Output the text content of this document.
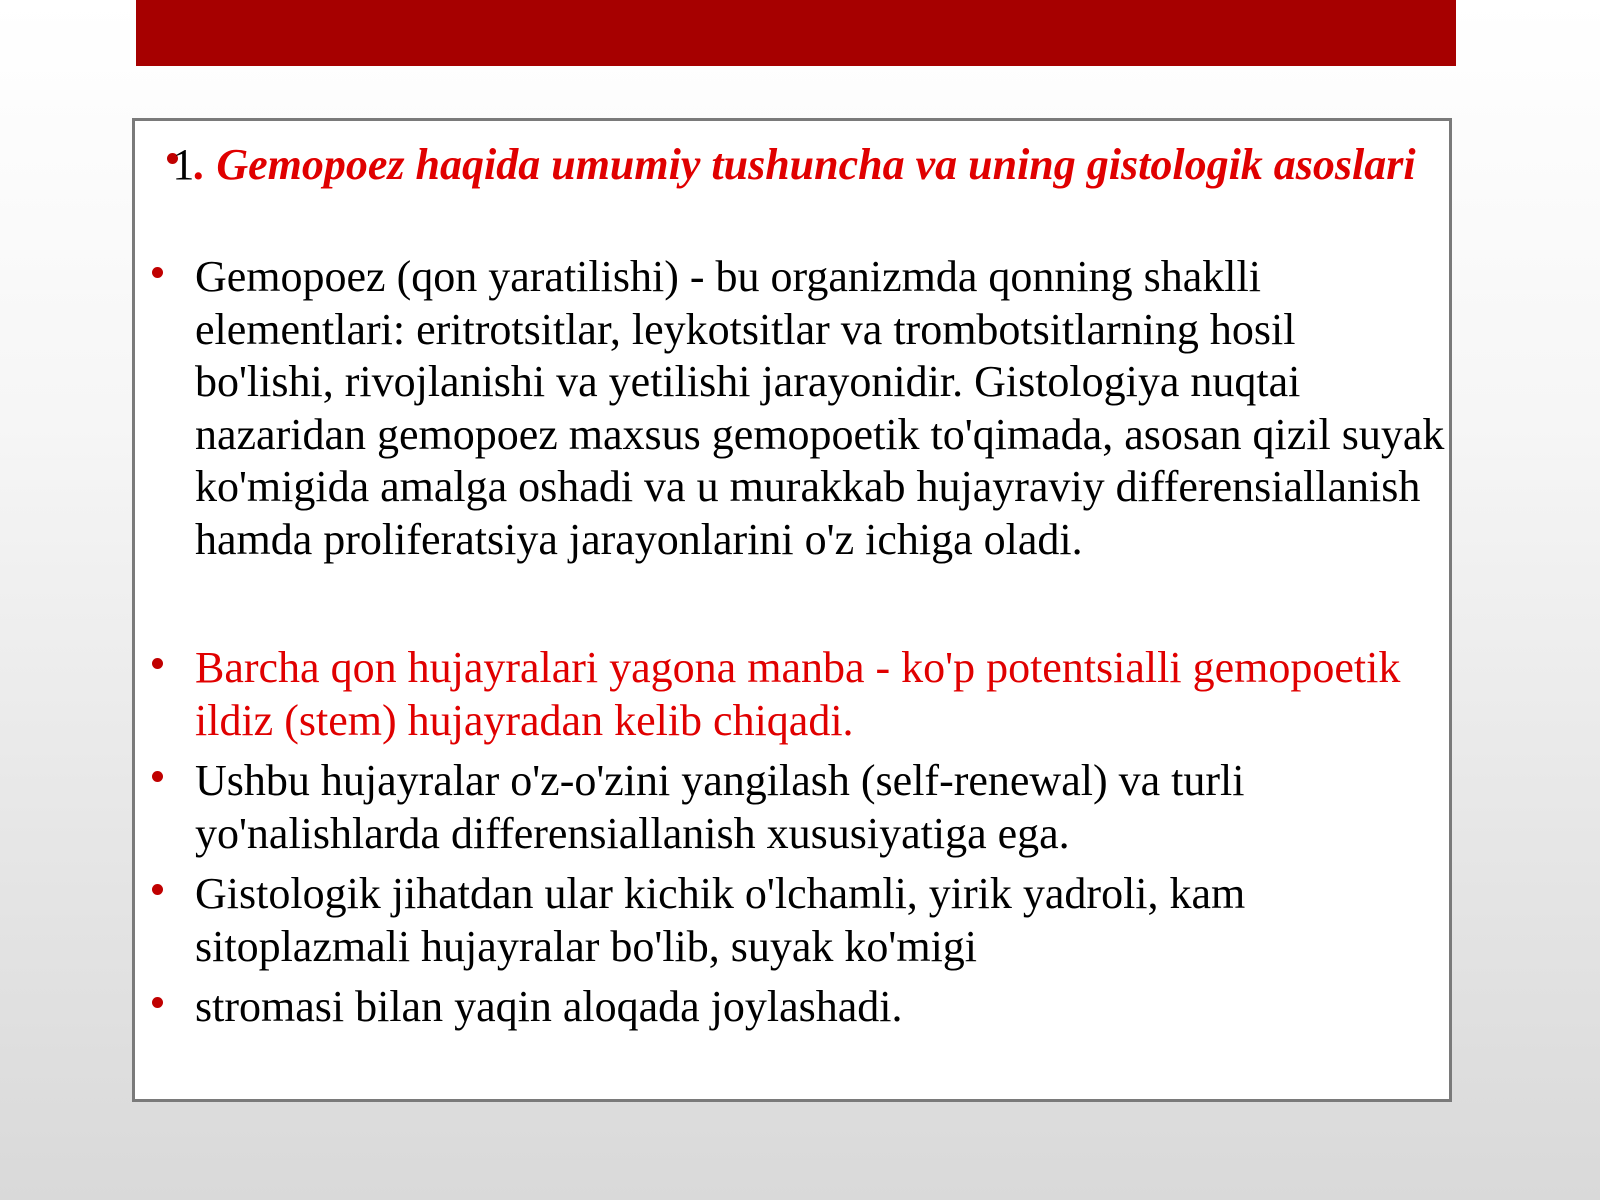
1. Gemopoez haqida umumiy tushuncha va uning gistologik asoslari
Gemopoez (qon yaratilishi) - bu organizmda qonning shaklli elementlari: eritrotsitlar, leykotsitlar va trombotsitlarning hosil bo'lishi, rivojlanishi va yetilishi jarayonidir. Gistologiya nuqtai nazaridan gemopoez maxsus gemopoetik to'qimada, asosan qizil suyak ko'migida amalga oshadi va u murakkab hujayraviy differensiallanish hamda proliferatsiya jarayonlarini o'z ichiga oladi.
Barcha qon hujayralari yagona manba - ko'p potentsialli gemopoetik ildiz (stem) hujayradan kelib chiqadi.
Ushbu hujayralar o'z-o'zini yangilash (self-renewal) va turli yo'nalishlarda differensiallanish xususiyatiga ega.
Gistologik jihatdan ular kichik o'lchamli, yirik yadroli, kam sitoplazmali hujayralar bo'lib, suyak ko'migi
stromasi bilan yaqin aloqada joylashadi.
